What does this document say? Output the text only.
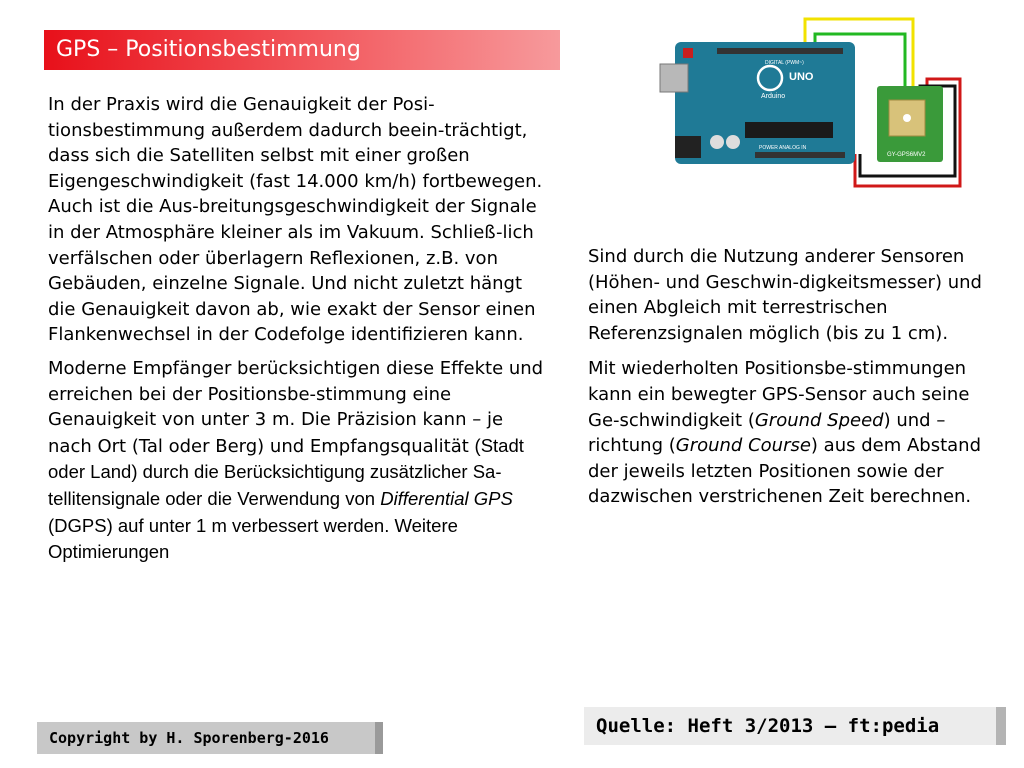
GPS – Positionsbestimmung

In der Praxis wird die Genauigkeit der Posi-tionsbestimmung außerdem dadurch beein-trächtigt, dass sich die Satelliten selbst mit einer großen Eigengeschwindigkeit (fast 14.000 km/h) fortbewegen. Auch ist die Aus-breitungsgeschwindigkeit der Signale in der Atmosphäre kleiner als im Vakuum. Schließ-lich verfälschen oder überlagern Reflexionen, z.B. von Gebäuden, einzelne Signale. Und nicht zuletzt hängt die Genauigkeit davon ab, wie exakt der Sensor einen Flankenwechsel in der Codefolge identifizieren kann.

Moderne Empfänger berücksichtigen diese Effekte und erreichen bei der Positionsbe-stimmung eine Genauigkeit von unter 3 m. Die Präzision kann – je nach Ort (Tal oder Berg) und Empfangsqualität (Stadt oder Land) durch die Berücksichtigung zusätzlicher Sa-tellitensignale oder die Verwendung von Differential GPS (DGPS) auf unter 1 m verbessert werden. Weitere Optimierungen

UNO
Arduino
DIGITAL (PWM~)
POWER ANALOG IN
GY-GPS6MV2

Sind durch die Nutzung anderer Sensoren (Höhen- und Geschwin-digkeitsmesser) und einen Abgleich mit terrestrischen Referenzsignalen möglich (bis zu 1 cm).

Mit wiederholten Positionsbe-stimmungen kann ein bewegter GPS-Sensor auch seine Ge-schwindigkeit (Ground Speed) und – richtung (Ground Course) aus dem Abstand der jeweils letzten Positionen sowie der dazwischen verstrichenen Zeit berechnen.

Copyright by H. Sporenberg-2016
Quelle: Heft 3/2013 – ft:pedia
